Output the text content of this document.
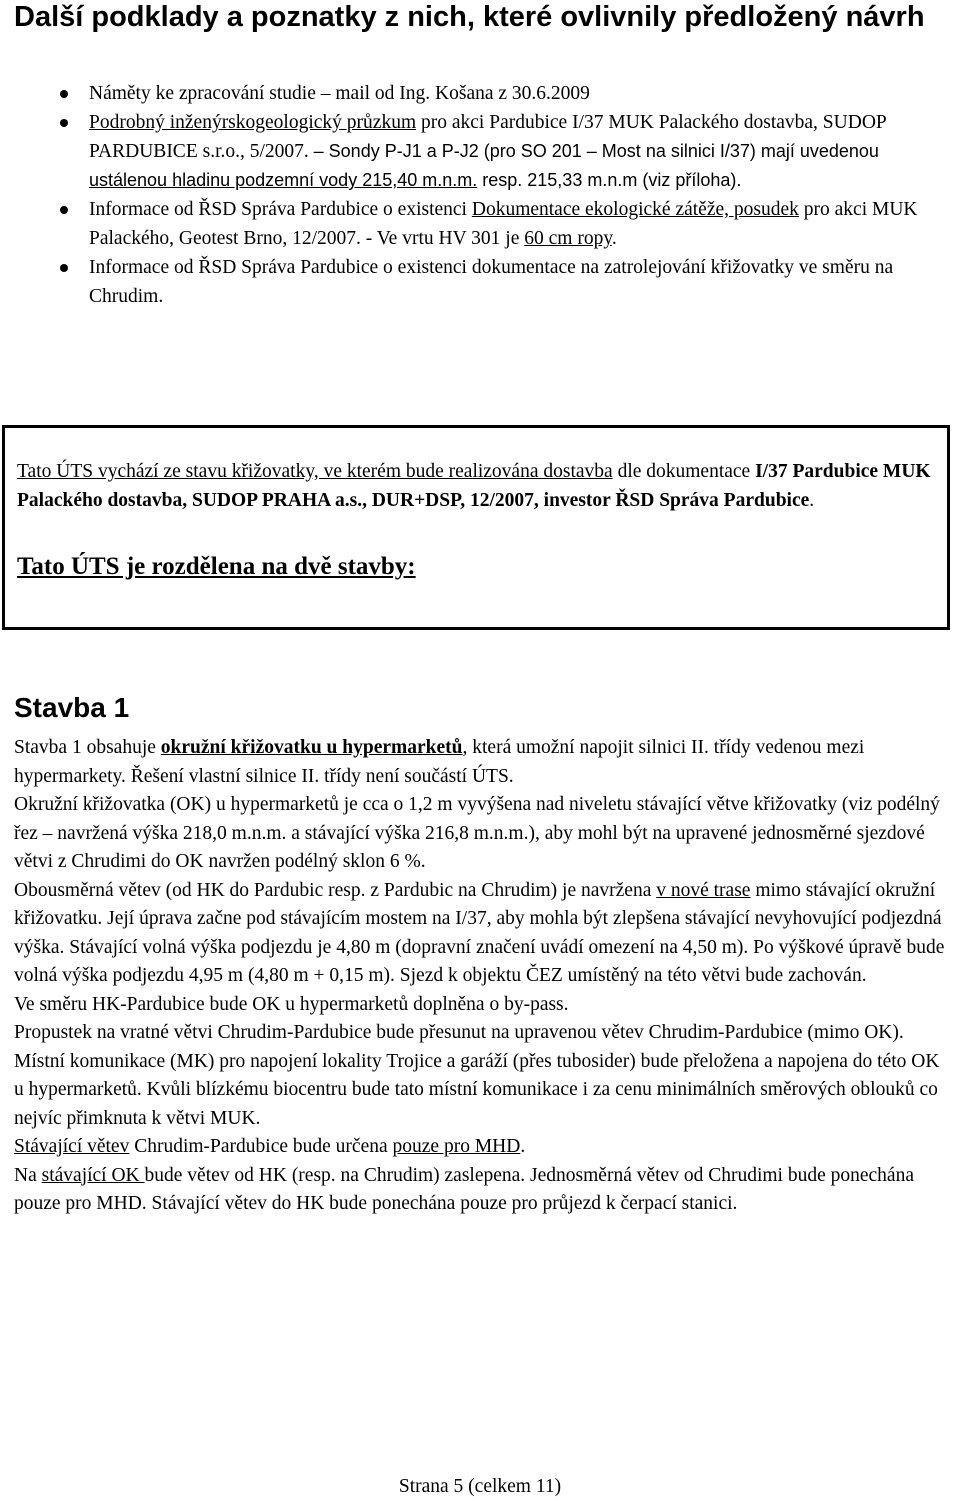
Další podklady a poznatky z nich, které ovlivnily předložený návrh
Náměty ke zpracování studie – mail od Ing. Košana z 30.6.2009
Podrobný inženýrskogeologický průzkum pro akci Pardubice I/37 MUK Palackého dostavba, SUDOP PARDUBICE s.r.o., 5/2007. – Sondy P-J1 a P-J2 (pro SO 201 – Most na silnici I/37) mají uvedenou ustálenou hladinu podzemní vody 215,40 m.n.m. resp. 215,33 m.n.m (viz příloha).
Informace od ŘSD Správa Pardubice o existenci Dokumentace ekologické zátěže, posudek pro akci MUK Palackého, Geotest Brno, 12/2007. - Ve vrtu HV 301 je 60 cm ropy.
Informace od ŘSD Správa Pardubice o existenci dokumentace na zatrolejování křižovatky ve směru na Chrudim.

Tato ÚTS vychází ze stavu křižovatky, ve kterém bude realizována dostavba dle dokumentace I/37 Pardubice MUK Palackého dostavba, SUDOP PRAHA a.s., DUR+DSP, 12/2007, investor ŘSD Správa Pardubice.

Tato ÚTS je rozdělena na dvě stavby:

Stavba 1

Stavba 1 obsahuje okružní křižovatku u hypermarketů, která umožní napojit silnici II. třídy vedenou mezi hypermarkety. Řešení vlastní silnice II. třídy není součástí ÚTS.

Okružní křižovatka (OK) u hypermarketů je cca o 1,2 m vyvýšena nad niveletu stávající větve křižovatky (viz podélný řez – navržená výška 218,0 m.n.m. a stávající výška 216,8 m.n.m.), aby mohl být na upravené jednosměrné sjezdové větvi z Chrudimi do OK navržen podélný sklon 6 %.

Obousměrná větev (od HK do Pardubic resp. z Pardubic na Chrudim) je navržena v nové trase mimo stávající okružní křižovatku. Její úprava začne pod stávajícím mostem na I/37, aby mohla být zlepšena stávající nevyhovující podjezdná výška. Stávající volná výška podjezdu je 4,80 m (dopravní značení uvádí omezení na 4,50 m). Po výškové úpravě bude volná výška podjezdu 4,95 m (4,80 m + 0,15 m). Sjezd k objektu ČEZ umístěný na této větvi bude zachován.

Ve směru HK-Pardubice bude OK u hypermarketů doplněna o by-pass.

Propustek na vratné větvi Chrudim-Pardubice bude přesunut na upravenou větev Chrudim-Pardubice (mimo OK).

Místní komunikace (MK) pro napojení lokality Trojice a garáží (přes tubosider) bude přeložena a napojena do této OK u hypermarketů. Kvůli blízkému biocentru bude tato místní komunikace i za cenu minimálních směrových oblouků co nejvíc přimknuta k větvi MUK.

Stávající větev Chrudim-Pardubice bude určena pouze pro MHD.

Na stávající OK bude větev od HK (resp. na Chrudim) zaslepena. Jednosměrná větev od Chrudimi bude ponechána pouze pro MHD. Stávající větev do HK bude ponechána pouze pro průjezd k čerpací stanici.

Strana 5 (celkem 11)
